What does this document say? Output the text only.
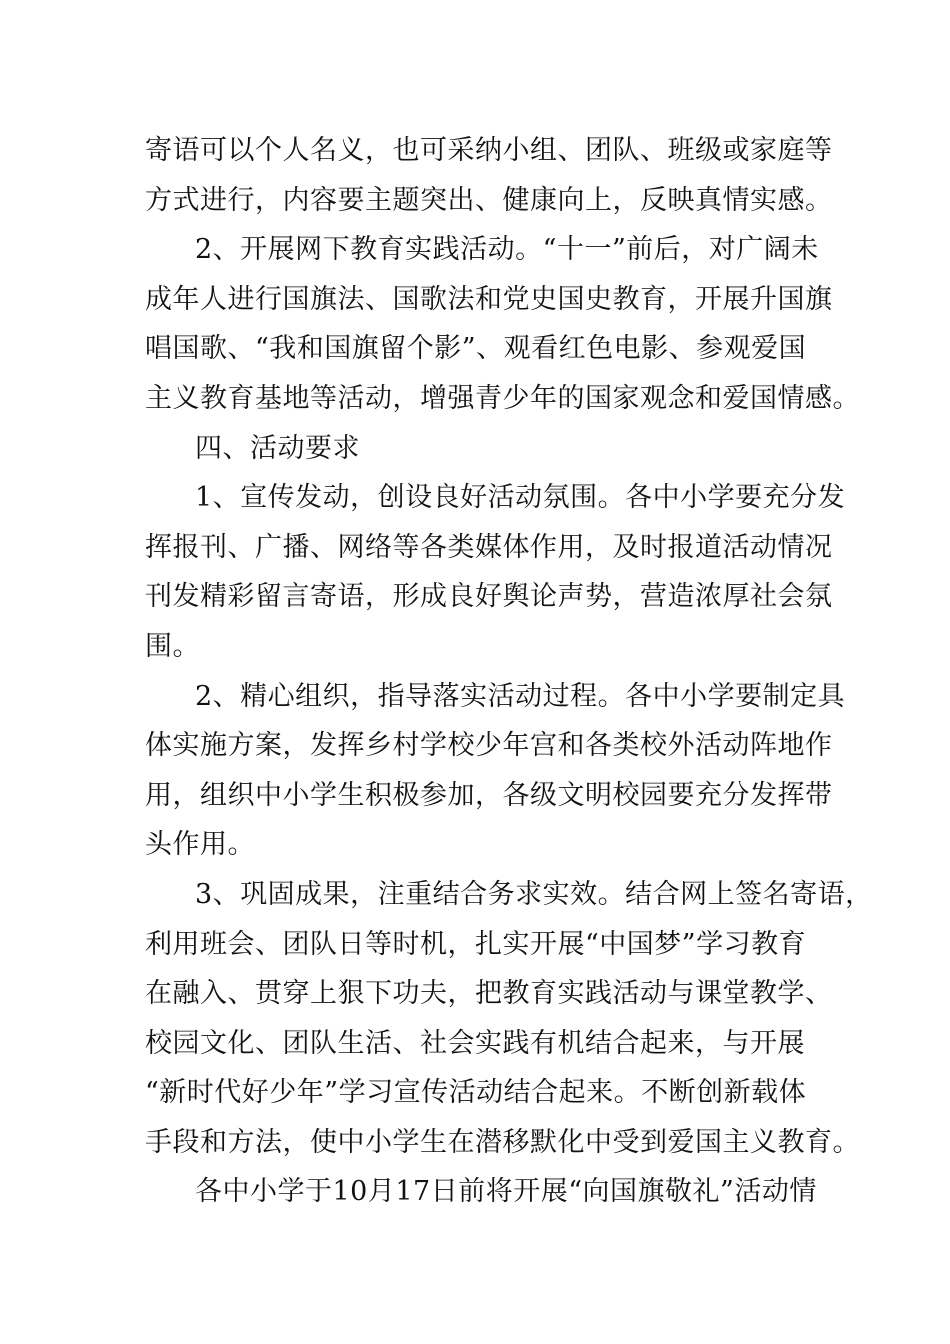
寄语可以个人名义，也可采纳小组、团队、班级或家庭等
方式进行，内容要主题突出、健康向上，反映真情实感。
2、开展网下教育实践活动。“十一”前后，对广阔未
成年人进行国旗法、国歌法和党史国史教育，开展升国旗
唱国歌、“我和国旗留个影”、观看红色电影、参观爱国
主义教育基地等活动，增强青少年的国家观念和爱国情感。
四、活动要求
1、宣传发动，创设良好活动氛围。各中小学要充分发
挥报刊、广播、网络等各类媒体作用，及时报道活动情况
刊发精彩留言寄语，形成良好舆论声势，营造浓厚社会氛
围。
2、精心组织，指导落实活动过程。各中小学要制定具
体实施方案，发挥乡村学校少年宫和各类校外活动阵地作
用，组织中小学生积极参加，各级文明校园要充分发挥带
头作用。
3、巩固成果，注重结合务求实效。结合网上签名寄语，
利用班会、团队日等时机，扎实开展“中国梦”学习教育
在融入、贯穿上狠下功夫，把教育实践活动与课堂教学、
校园文化、团队生活、社会实践有机结合起来，与开展
“新时代好少年”学习宣传活动结合起来。不断创新载体
手段和方法，使中小学生在潜移默化中受到爱国主义教育。
各中小学于10月17日前将开展“向国旗敬礼”活动情
